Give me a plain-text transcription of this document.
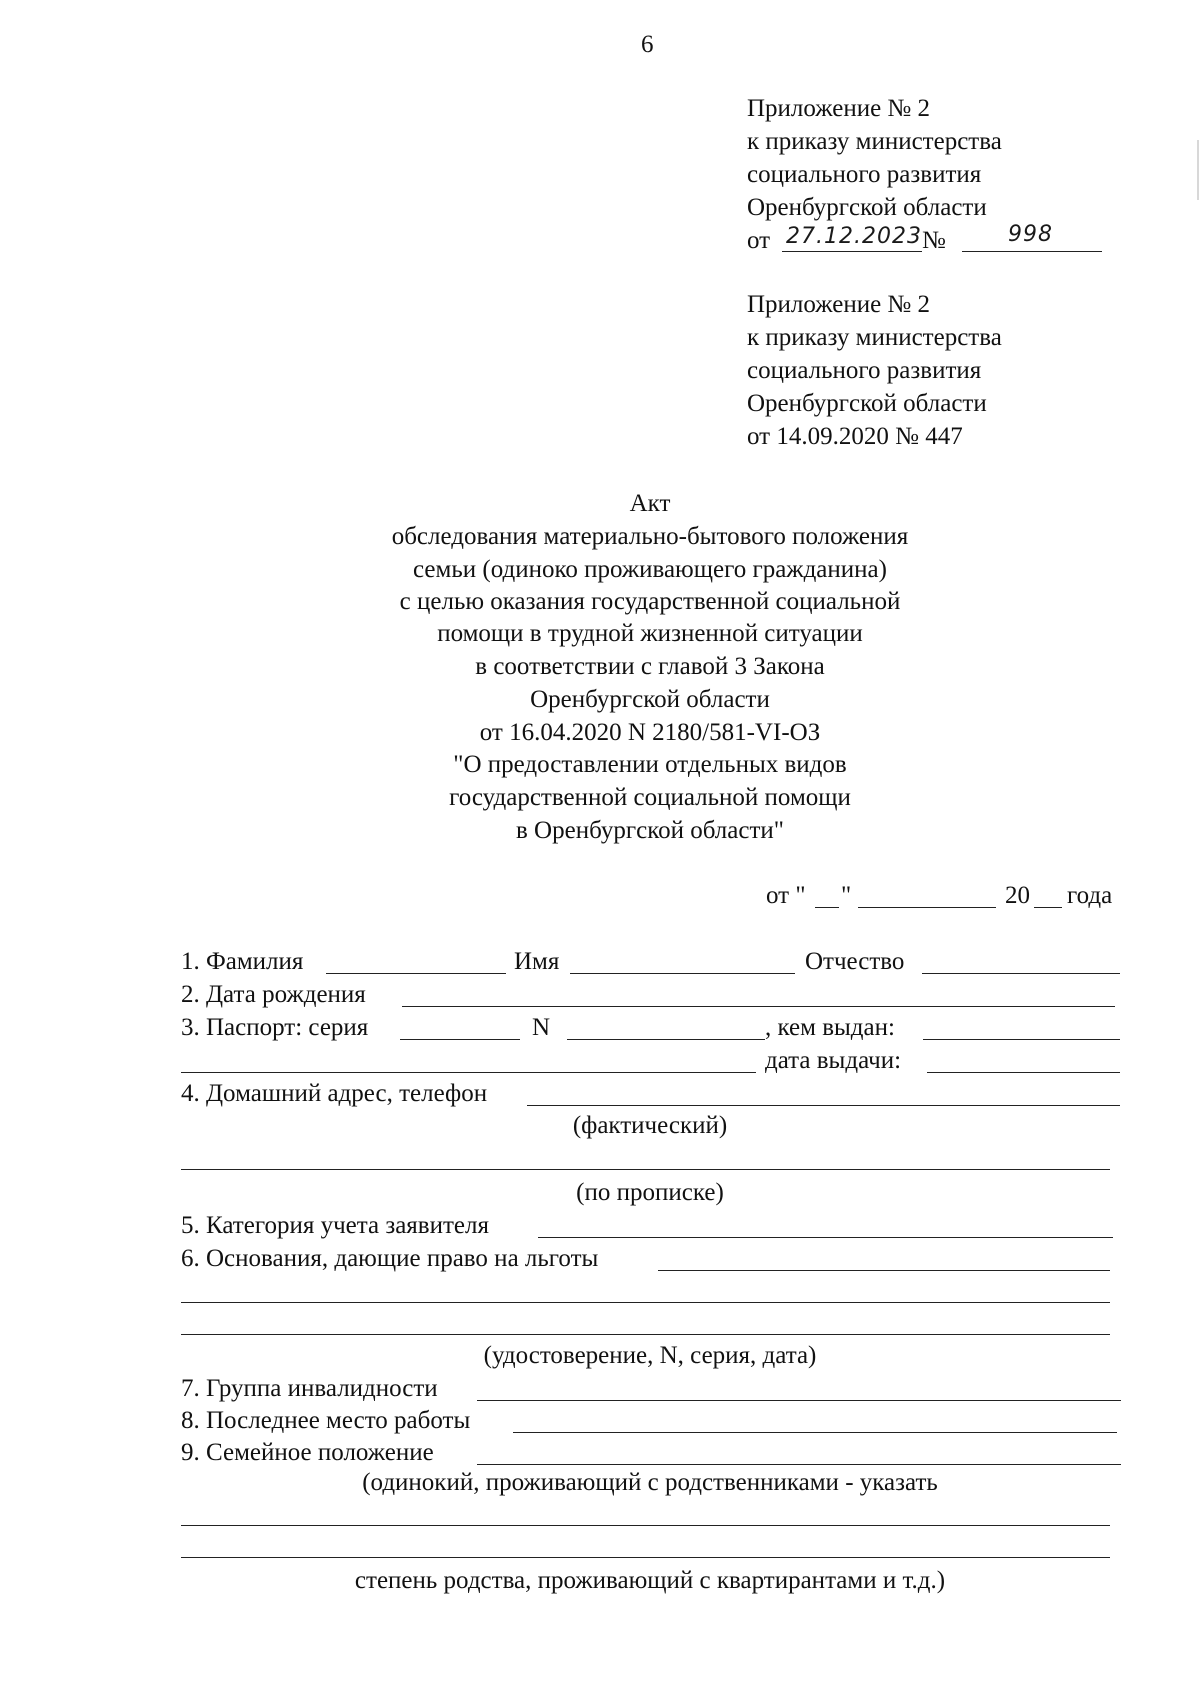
6
Приложение № 2
к приказу министерства
социального развития
Оренбургской области
от 27.12.2023 №	998
Приложение № 2
к приказу министерства
социального развития
Оренбургской области
от 14.09.2020 № 447
Акт
обследования материально-бытового положения
семьи (одиноко проживающего гражданина)
с целью оказания государственной социальной
помощи в трудной жизненной ситуации
в соответствии с главой 3 Закона
Оренбургской области
от 16.04.2020 N 2180/581-VI-ОЗ
"О предоставлении отдельных видов
государственной социальной помощи
в Оренбургской области"
от " "	20 года
1. Фамилия	Имя	Отчество
2. Дата рождения
3. Паспорт: серия	N	, кем выдан:
дата выдачи:
4. Домашний адрес, телефон
(фактический)
(по прописке)
5. Категория учета заявителя
6. Основания, дающие право на льготы
(удостоверение, N, серия, дата)
7. Группа инвалидности
8. Последнее место работы
9. Семейное положение
(одинокий, проживающий с родственниками - указать
степень родства, проживающий с квартирантами и т.д.)
